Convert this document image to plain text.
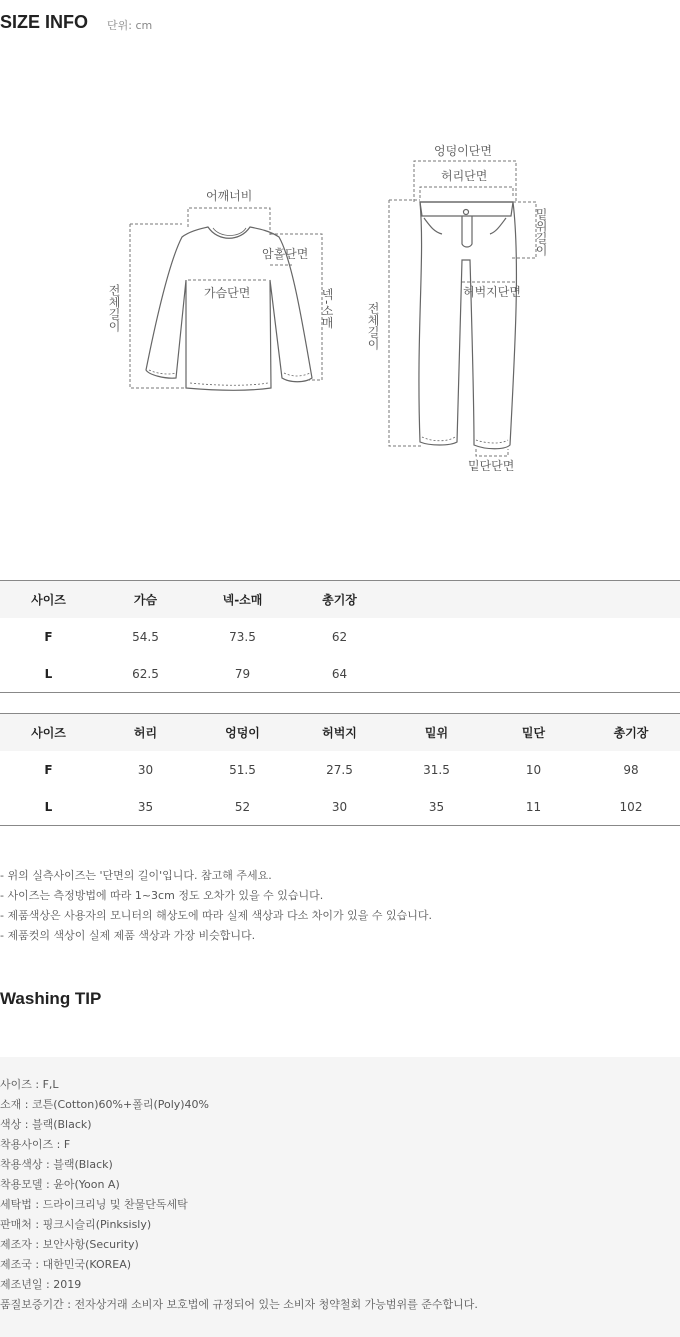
SIZE INFO 단위: cm
어깨너비
암홀단면
가슴단면
전체길이	넥-소매
엉덩이단면
허리단면
밑위길이
허벅지단면
전체길이
밑단단면
사이즈	가슴	넥-소매	총기장	
F	54.5	73.5	62	
L	62.5	79	64	
사이즈	허리	엉덩이	허벅지	밑위	밑단	총기장
F	30	51.5	27.5	31.5	10	98
L	35	52	30	35	11	102
- 위의 실측사이즈는 '단면의 길이'입니다. 참고해 주세요.
- 사이즈는 측정방법에 따라 1~3cm 정도 오차가 있을 수 있습니다.
- 제품색상은 사용자의 모니터의 해상도에 따라 실제 색상과 다소 차이가 있을 수 있습니다.
- 제품컷의 색상이 실제 제품 색상과 가장 비슷합니다.
Washing TIP
사이즈 : F,L
소재 : 코튼(Cotton)60%+폴리(Poly)40%
색상 : 블랙(Black)
착용사이즈 : F
착용색상 : 블랙(Black)
착용모델 : 윤아(Yoon A)
세탁법 : 드라이크리닝 및 찬물단독세탁
판매처 : 핑크시슬리(Pinksisly)
제조자 : 보안사항(Security)
제조국 : 대한민국(KOREA)
제조년일 : 2019
품질보증기간 : 전자상거래 소비자 보호법에 규정되어 있는 소비자 청약철회 가능범위를 준수합니다.
